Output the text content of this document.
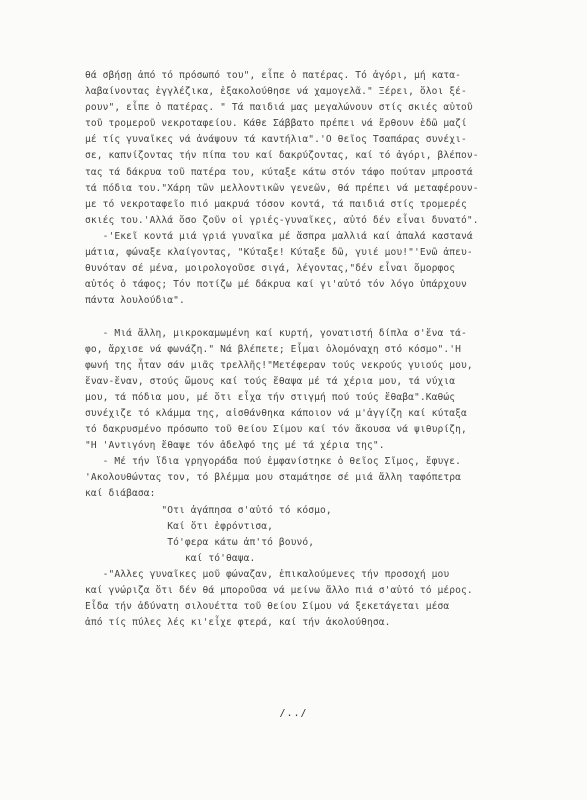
θά σβήσῃ ἀπό τό πρόσωπό του", εἶπε ὁ πατέρας. Τό ἀγόρι, μή κατα-
λαβαίνοντας ἐγγλέζικα, ἐξακολούθησε νά χαμογελᾶ." Ξέρει, ὅλοι ξέ-
ρουν", εἶπε ὁ πατέρας. " Τά παιδιά μας μεγαλώνουν στίς σκιές αὐτοῦ
τοῦ τρομεροῦ νεκροταφείου. Κάθε Σάββατο πρέπει νά ἔρθουν ἐδῶ μαζί
μέ τίς γυναῖκες νά ἀνάψουν τά καντήλια".'Ο θεῖος Τσαπάρας συνέχι-
σε, καπνίζοντας τήν πίπα του καί δακρύζοντας, καί τό ἀγόρι, βλέπον-
τας τά δάκρυα τοῦ πατέρα του, κύταξε κάτω στόν τάφο πούταν μπροστά
τά πόδια του."Χάρη τῶν μελλοντικῶν γενεῶν, θά πρέπει νά μεταφέρουν-
με τό νεκροταφεῖο πιό μακρυά τόσον κοντά, τά παιδιά στίς τρομερές
σκιές του.'Αλλά ὅσο ζοῦν οἱ γριές-γυναῖκες, αὐτό δέν εἶναι δυνατό".
-'Εκεῖ κοντά μιά γριά γυναῖκα μέ ἄσπρα μαλλιά καί ἁπαλά καστανά
μάτια, φώναξε κλαίγοντας, "Κύταξε! Κύταξε δῶ, γυιέ μου!"'Ενῶ ἀπευ-
θυνόταν σέ μένα, μοιρολογοῦσε σιγά, λέγοντας,"δέν εἶναι ὄμορφος
αὐτός ὁ τάφος; Τόν ποτίζω μέ δάκρυα καί γι'αὐτό τόν λόγο ὑπάρχουν
πάντα λουλούδια".
- Μιά ἄλλη, μικροκαμωμένη καί κυρτή, γονατιστή δίπλα σ'ἕνα τά-
φο, ἄρχισε νά φωνάζη." Νά βλέπετε; Εἶμαι ὁλομόναχη στό κόσμο".'Η
φωνή της ἦταν σάν μιᾶς τρελλῆς!"Μετέφεραν τούς νεκρούς γυιούς μου,
ἕναν-ἕναν, στούς ὤμους καί τούς ἔθαψα μέ τά χέρια μου, τά νύχια
μου, τά πόδια μου, μέ ὅτι εἶχα τήν στιγμή πού τούς ἔθαβα".Καθώς
συνέχιζε τό κλάμμα της, αἰσθάνθηκα κάποιον νά μ'ἀγγίζη καί κύταξα
τό δακρυσμένο πρόσωπο τοῦ θείου Σίμου καί τόν ἄκουσα νά ψιθυρίζη,
"Η 'Αντιγόνη ἔθαψε τόν ἀδελφό της μέ τά χέρια της".
- Μέ τήν ἴδια γρηγοράδα πού ἐμφανίστηκε ὁ θεῖος Σῖμος, ἔφυγε.
'Ακολουθώντας τον, τό βλέμμα μου σταμάτησε σέ μιά ἄλλη ταφόπετρα
καί διάβασα:
"Οτι ἀγάπησα σ'αὐτό τό κόσμο,
Καί ὅτι ἐφρόντισα,
Τό'φερα κάτω ἀπ'τό βουνό,
καί τό'θαψα.
-"Αλλες γυναῖκες μοῦ φώναζαν, ἐπικαλούμενες τήν προσοχή μου
καί γνώριζα ὅτι δέν θά μποροῦσα νά μείνω ἄλλο πιά σ'αὐτό τό μέρος.
Εἶδα τήν ἀδύνατη σιλουέττα τοῦ θείου Σίμου νά ξεκετάγεται μέσα
ἀπό τίς πύλες λές κι'εἶχε φτερά, καί τήν ἀκολούθησα.
/../
